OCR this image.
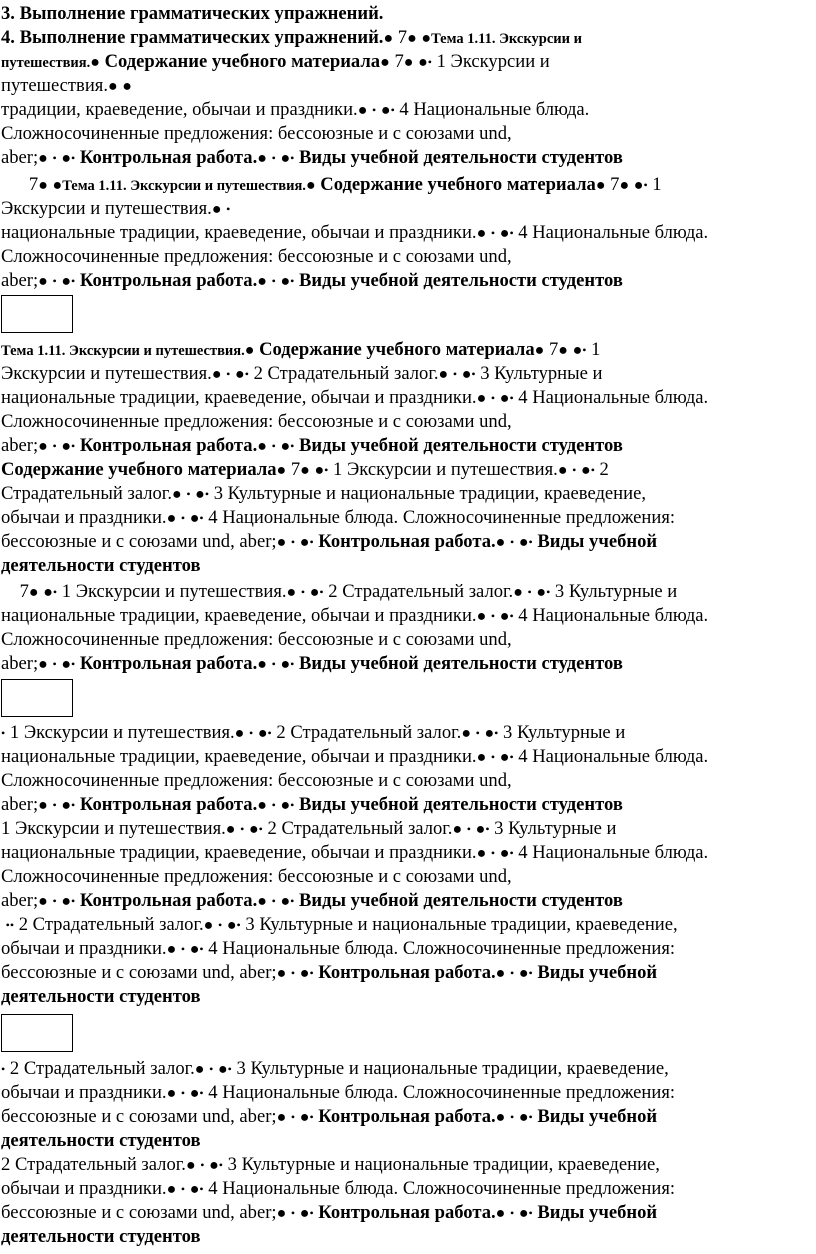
3. Выполнение грамматических упражнений.
4. Выполнение грамматических упражнений.● 7● ●Тема 1.11. Экскурсии и
путешествия.● Содержание учебного материала● 7● ●• 1 Экскурсии и
путешествия.● ●
традиции, краеведение, обычаи и праздники.● • ●• 4 Национальные блюда.
Сложносочиненные предложения: бессоюзные и с союзами und,
aber;● • ●• Контрольная работа.● • ●• Виды учебной деятельности студентов
7● ●Тема 1.11. Экскурсии и путешествия.● Содержание учебного материала● 7● ●• 1
Экскурсии и путешествия.● •
национальные традиции, краеведение, обычаи и праздники.● • ●• 4 Национальные блюда.
Сложносочиненные предложения: бессоюзные и с союзами und,
aber;● • ●• Контрольная работа.● • ●• Виды учебной деятельности студентов
Тема 1.11. Экскурсии и путешествия.● Содержание учебного материала● 7● ●• 1
Экскурсии и путешествия.● • ●• 2 Страдательный залог.● • ●• 3 Культурные и
национальные традиции, краеведение, обычаи и праздники.● • ●• 4 Национальные блюда.
Сложносочиненные предложения: бессоюзные и с союзами und,
aber;● • ●• Контрольная работа.● • ●• Виды учебной деятельности студентов
Содержание учебного материала● 7● ●• 1 Экскурсии и путешествия.● • ●• 2
Страдательный залог.● • ●• 3 Культурные и национальные традиции, краеведение,
обычаи и праздники.● • ●• 4 Национальные блюда. Сложносочиненные предложения:
бессоюзные и с союзами und, aber;● • ●• Контрольная работа.● • ●• Виды учебной
деятельности студентов
7● ●• 1 Экскурсии и путешествия.● • ●• 2 Страдательный залог.● • ●• 3 Культурные и
национальные традиции, краеведение, обычаи и праздники.● • ●• 4 Национальные блюда.
Сложносочиненные предложения: бессоюзные и с союзами und,
aber;● • ●• Контрольная работа.● • ●• Виды учебной деятельности студентов
• 1 Экскурсии и путешествия.● • ●• 2 Страдательный залог.● • ●• 3 Культурные и
национальные традиции, краеведение, обычаи и праздники.● • ●• 4 Национальные блюда.
Сложносочиненные предложения: бессоюзные и с союзами und,
aber;● • ●• Контрольная работа.● • ●• Виды учебной деятельности студентов
1 Экскурсии и путешествия.● • ●• 2 Страдательный залог.● • ●• 3 Культурные и
национальные традиции, краеведение, обычаи и праздники.● • ●• 4 Национальные блюда.
Сложносочиненные предложения: бессоюзные и с союзами und,
aber;● • ●• Контрольная работа.● • ●• Виды учебной деятельности студентов
•• 2 Страдательный залог.● • ●• 3 Культурные и национальные традиции, краеведение,
обычаи и праздники.● • ●• 4 Национальные блюда. Сложносочиненные предложения:
бессоюзные и с союзами und, aber;● • ●• Контрольная работа.● • ●• Виды учебной
деятельности студентов
• 2 Страдательный залог.● • ●• 3 Культурные и национальные традиции, краеведение,
обычаи и праздники.● • ●• 4 Национальные блюда. Сложносочиненные предложения:
бессоюзные и с союзами und, aber;● • ●• Контрольная работа.● • ●• Виды учебной
деятельности студентов
2 Страдательный залог.● • ●• 3 Культурные и национальные традиции, краеведение,
обычаи и праздники.● • ●• 4 Национальные блюда. Сложносочиненные предложения:
бессоюзные и с союзами und, aber;● • ●• Контрольная работа.● • ●• Виды учебной
деятельности студентов
